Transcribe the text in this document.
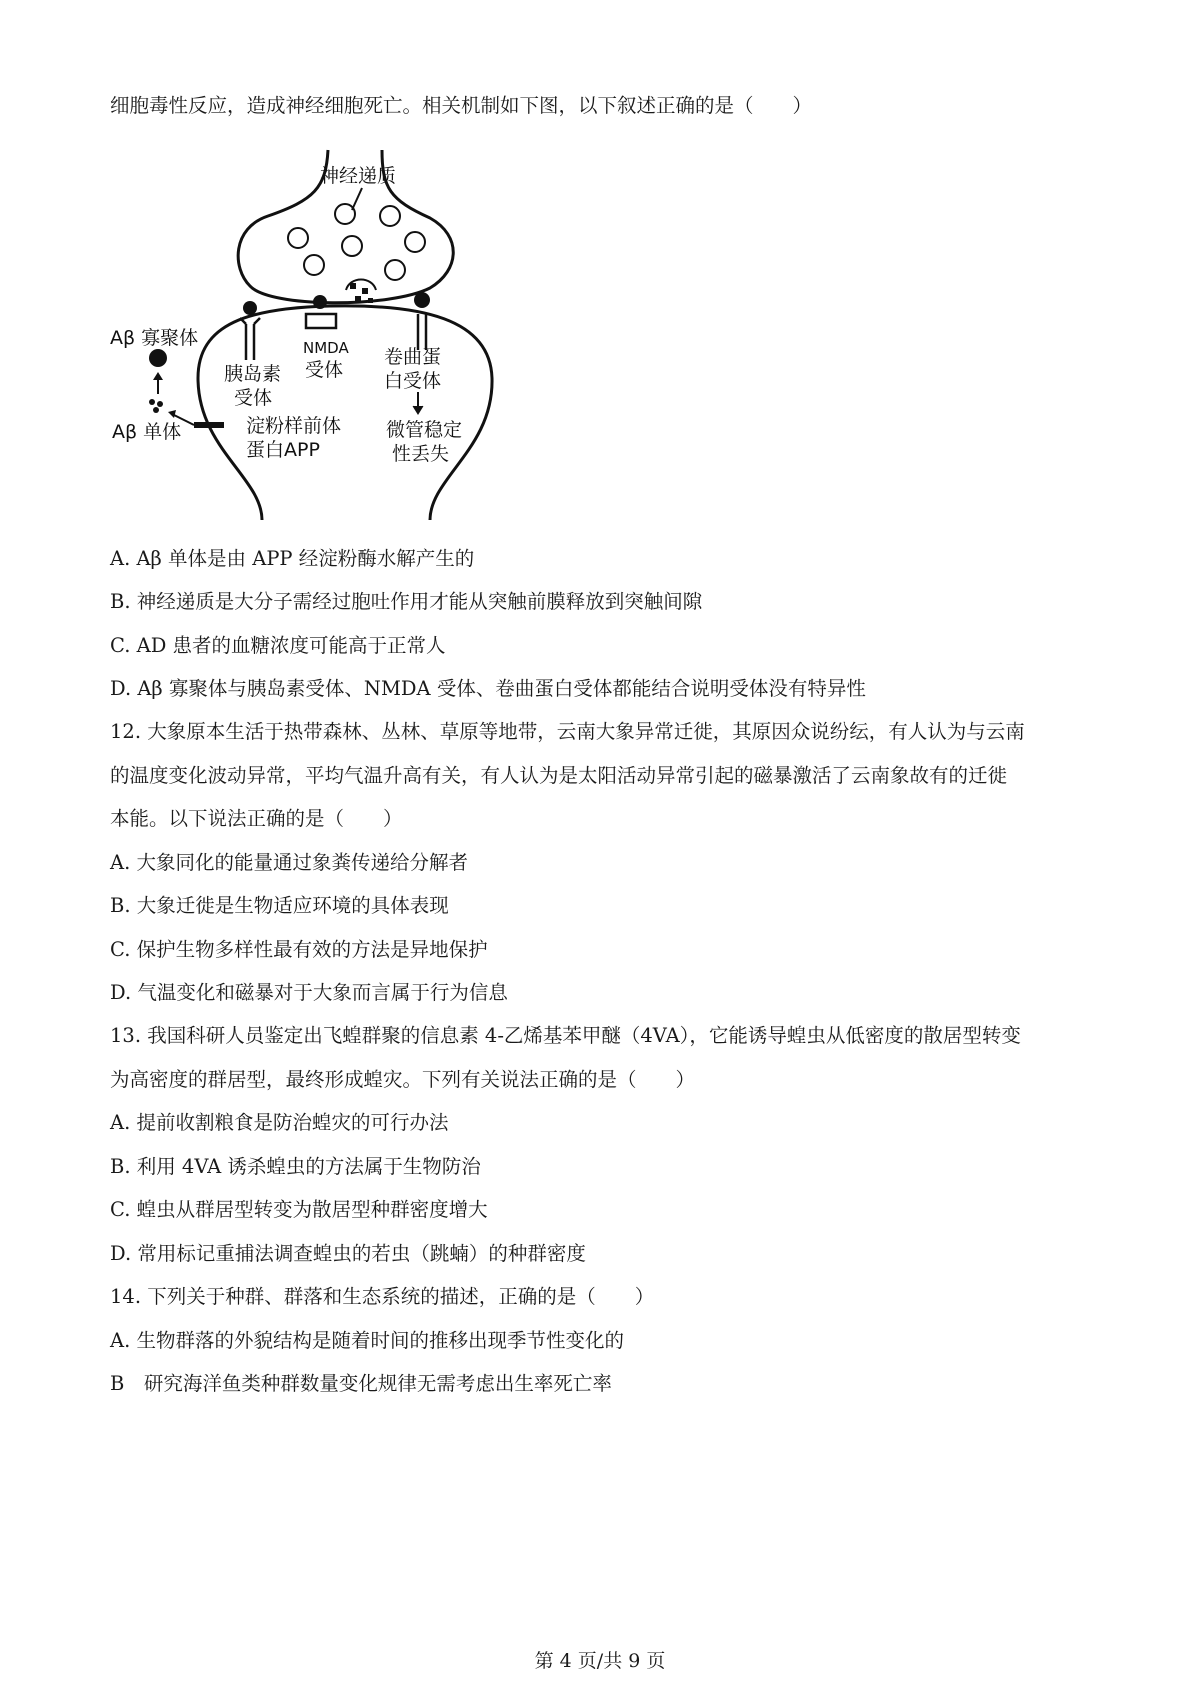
细胞毒性反应，造成神经细胞死亡。相关机制如下图，以下叙述正确的是（　　）
神经递质
胰岛素
受体
NMDA
受体
卷曲蛋
白受体
微管稳定
性丢失
淀粉样前体
蛋白APP
Aβ 单体
Aβ 寡聚体
A. Aβ 单体是由 APP 经淀粉酶水解产生的
B. 神经递质是大分子需经过胞吐作用才能从突触前膜释放到突触间隙
C. AD 患者的血糖浓度可能高于正常人
D. Aβ 寡聚体与胰岛素受体、NMDA 受体、卷曲蛋白受体都能结合说明受体没有特异性
12. 大象原本生活于热带森林、丛林、草原等地带，云南大象异常迁徙，其原因众说纷纭，有人认为与云南
的温度变化波动异常，平均气温升高有关，有人认为是太阳活动异常引起的磁暴激活了云南象故有的迁徙
本能。以下说法正确的是（　　）
A. 大象同化的能量通过象粪传递给分解者
B. 大象迁徙是生物适应环境的具体表现
C. 保护生物多样性最有效的方法是异地保护
D. 气温变化和磁暴对于大象而言属于行为信息
13. 我国科研人员鉴定出飞蝗群聚的信息素 4-乙烯基苯甲醚（4VA），它能诱导蝗虫从低密度的散居型转变
为高密度的群居型，最终形成蝗灾。下列有关说法正确的是（　　）
A. 提前收割粮食是防治蝗灾的可行办法
B. 利用 4VA 诱杀蝗虫的方法属于生物防治
C. 蝗虫从群居型转变为散居型种群密度增大
D. 常用标记重捕法调查蝗虫的若虫（跳蝻）的种群密度
14. 下列关于种群、群落和生态系统的描述，正确的是（　　）
A. 生物群落的外貌结构是随着时间的推移出现季节性变化的
B　研究海洋鱼类种群数量变化规律无需考虑出生率死亡率
第 4 页/共 9 页
